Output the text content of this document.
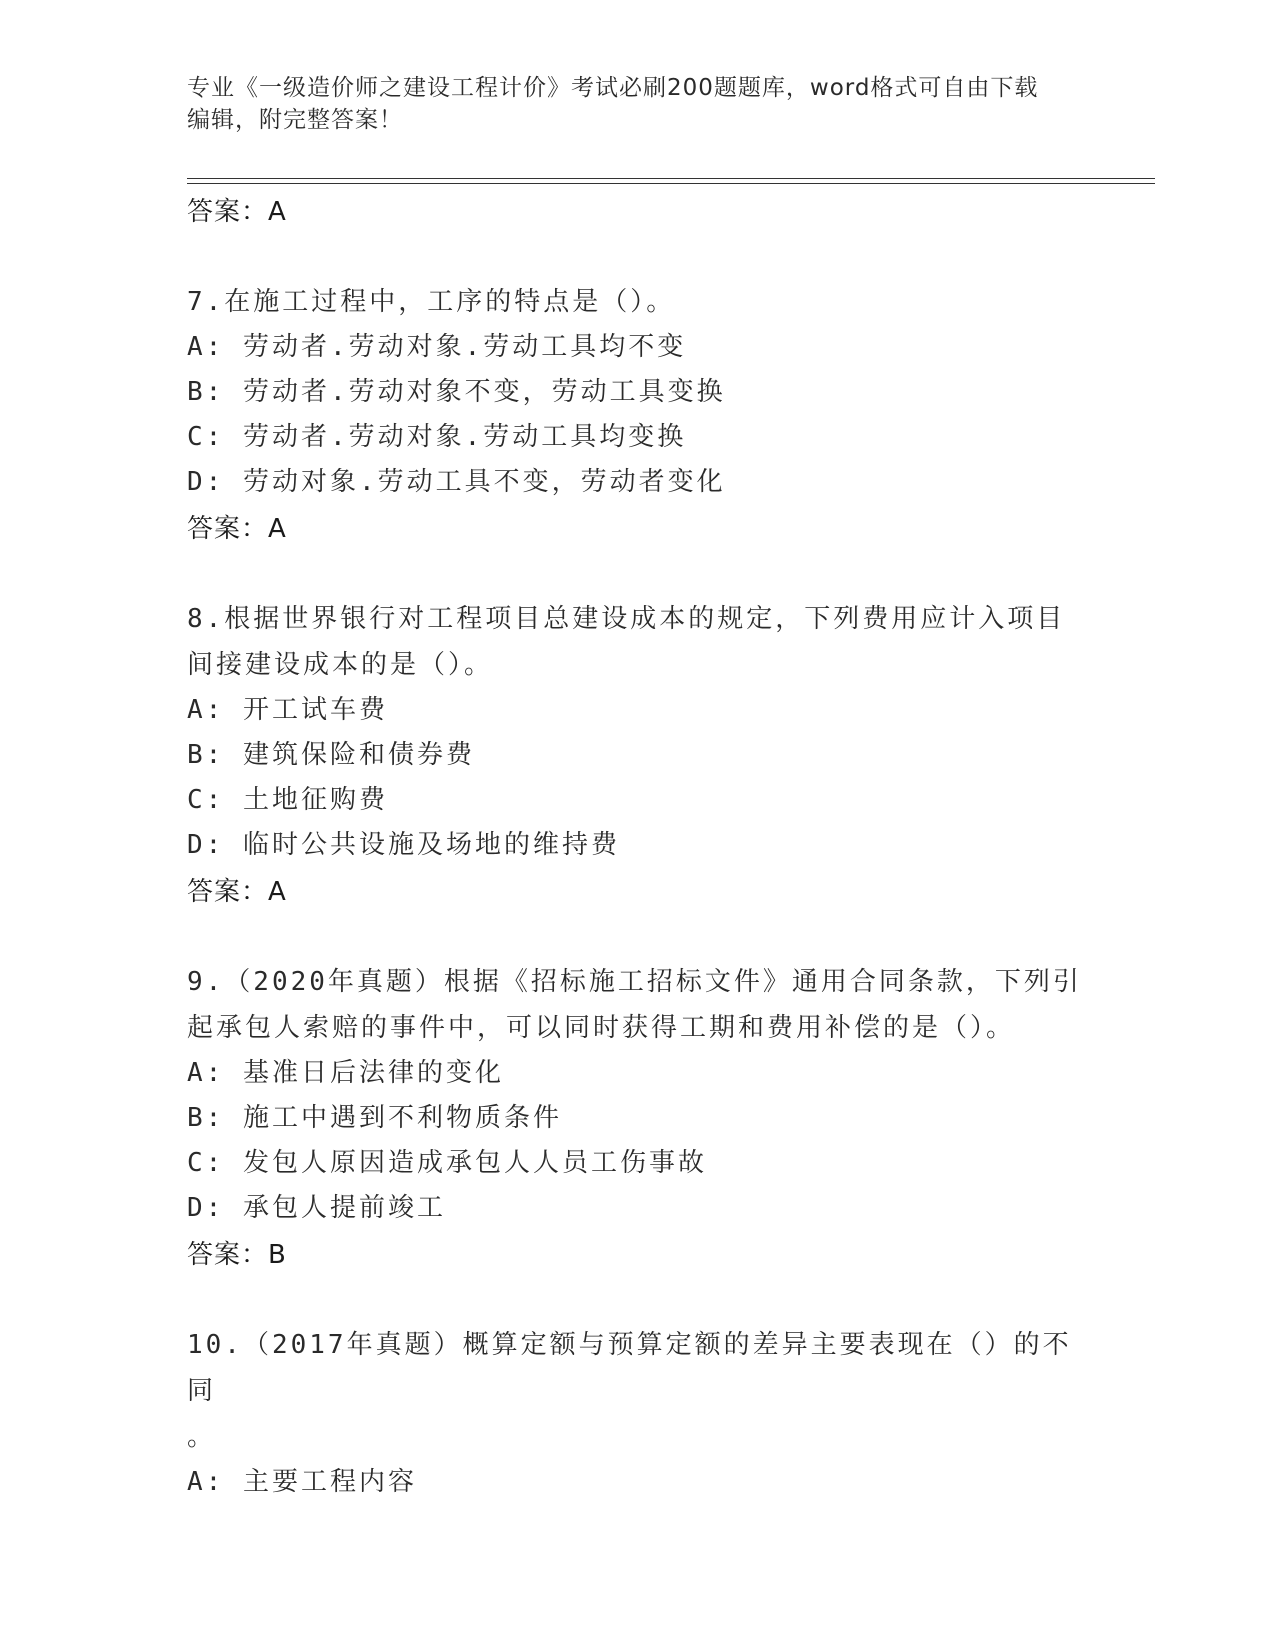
专业《一级造价师之建设工程计价》考试必刷200题题库，word格式可自由下载
编辑，附完整答案！
答案：A
7.在施工过程中，工序的特点是（）。
A: 劳动者.劳动对象.劳动工具均不变
B: 劳动者.劳动对象不变，劳动工具变换
C: 劳动者.劳动对象.劳动工具均变换
D: 劳动对象.劳动工具不变，劳动者变化
答案：A
8.根据世界银行对工程项目总建设成本的规定，下列费用应计入项目
间接建设成本的是（）。
A: 开工试车费
B: 建筑保险和债券费
C: 土地征购费
D: 临时公共设施及场地的维持费
答案：A
9.（2020年真题）根据《招标施工招标文件》通用合同条款，下列引
起承包人索赔的事件中，可以同时获得工期和费用补偿的是（）。
A: 基准日后法律的变化
B: 施工中遇到不利物质条件
C: 发包人原因造成承包人人员工伤事故
D: 承包人提前竣工
答案：B
10.（2017年真题）概算定额与预算定额的差异主要表现在（）的不同
。
A: 主要工程内容
